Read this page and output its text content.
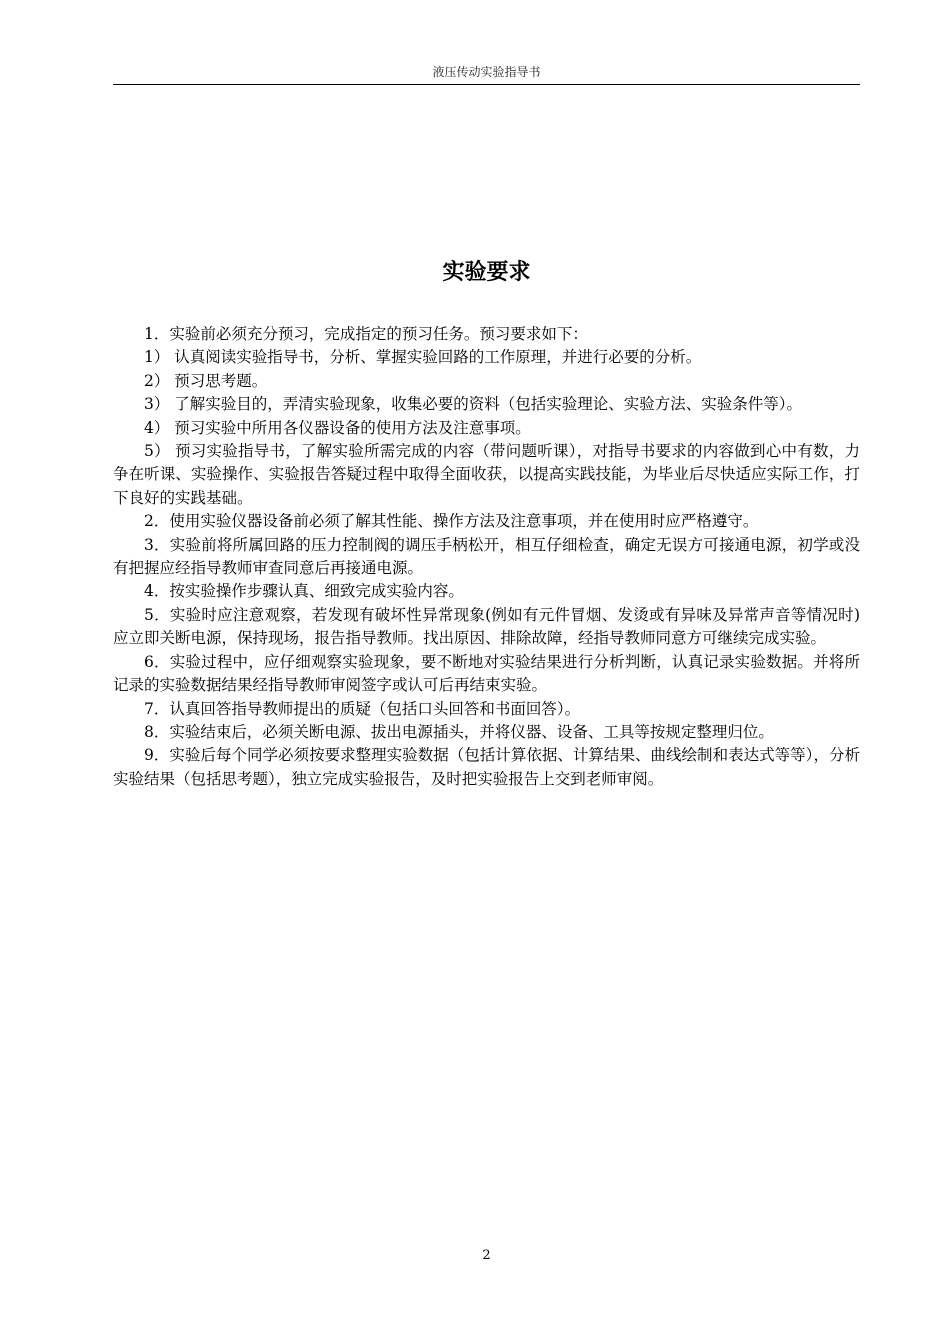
液压传动实验指导书
实验要求

1．实验前必须充分预习，完成指定的预习任务。预习要求如下：

1） 认真阅读实验指导书，分析、掌握实验回路的工作原理，并进行必要的分析。

2） 预习思考题。

3） 了解实验目的，弄清实验现象，收集必要的资料（包括实验理论、实验方法、实验条件等）。

4） 预习实验中所用各仪器设备的使用方法及注意事项。

5） 预习实验指导书，了解实验所需完成的内容（带问题听课），对指导书要求的内容做到心中有数，力争在听课、实验操作、实验报告答疑过程中取得全面收获，以提高实践技能，为毕业后尽快适应实际工作，打下良好的实践基础。

2．使用实验仪器设备前必须了解其性能、操作方法及注意事项，并在使用时应严格遵守。

3．实验前将所属回路的压力控制阀的调压手柄松开，相互仔细检查，确定无误方可接通电源，初学或没有把握应经指导教师审查同意后再接通电源。

4．按实验操作步骤认真、细致完成实验内容。

5．实验时应注意观察，若发现有破坏性异常现象(例如有元件冒烟、发烫或有异味及异常声音等情况时)应立即关断电源，保持现场，报告指导教师。找出原因、排除故障，经指导教师同意方可继续完成实验。

6．实验过程中，应仔细观察实验现象，要不断地对实验结果进行分析判断，认真记录实验数据。并将所记录的实验数据结果经指导教师审阅签字或认可后再结束实验。

7．认真回答指导教师提出的质疑（包括口头回答和书面回答）。

8．实验结束后，必须关断电源、拔出电源插头，并将仪器、设备、工具等按规定整理归位。

9．实验后每个同学必须按要求整理实验数据（包括计算依据、计算结果、曲线绘制和表达式等等），分析实验结果（包括思考题），独立完成实验报告，及时把实验报告上交到老师审阅。

2
